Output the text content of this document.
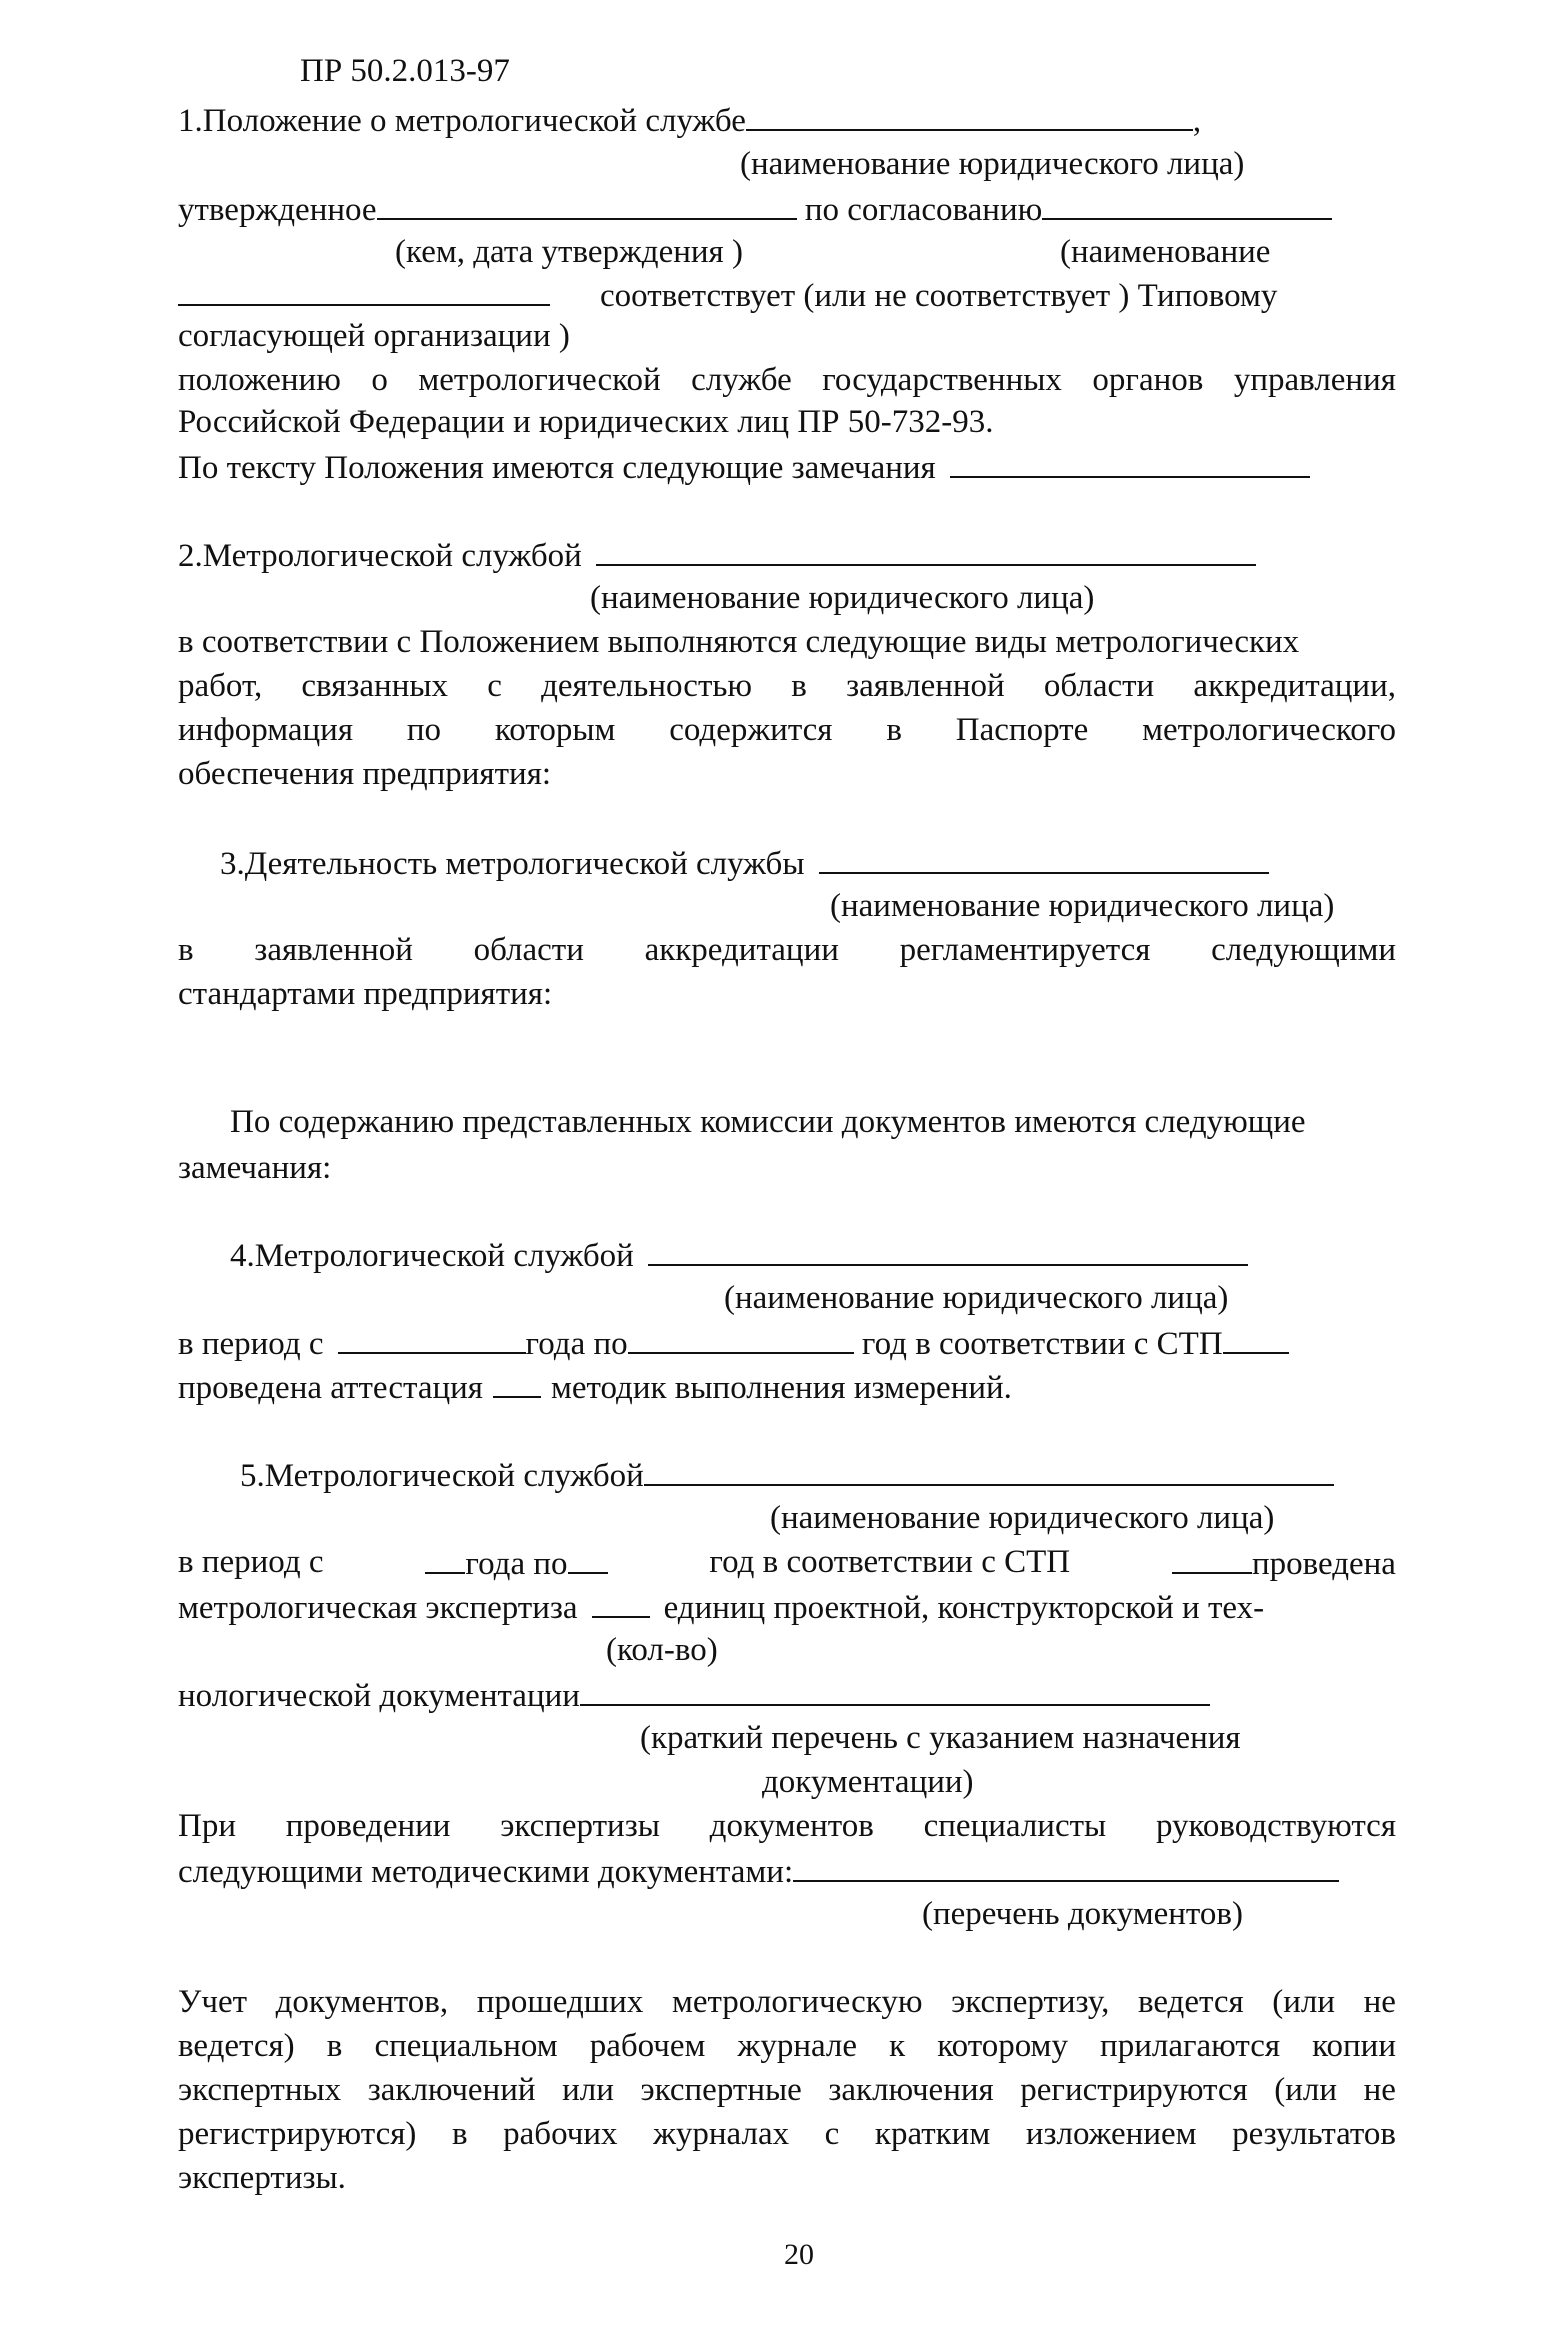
ПР 50.2.013-97
1.Положение о метрологической службе	,
(наименование юридического лица)
утвержденное	по согласованию
(кем, дата утверждения )	(наименование
соответствует (или не соответствует ) Типовому
согласующей организации )
положению о метрологической службе государственных органов управления
Российской Федерации и юридических лиц ПР 50-732-93.
По тексту Положения имеются следующие замечания
2.Метрологической службой
(наименование юридического лица)
в соответствии с Положением выполняются следующие виды метрологических
работ, связанных с деятельностью в заявленной области аккредитации,
информация по которым содержится в Паспорте метрологического
обеспечения предприятия:
3.Деятельность метрологической службы
(наименование юридического лица)
в заявленной области аккредитации регламентируется следующими
стандартами предприятия:
По содержанию представленных комиссии документов имеются следующие
замечания:
4.Метрологической службой
(наименование юридического лица)
в период с	года по	год в соответствии с СТП
проведена аттестация методик выполнения измерений.
5.Метрологической службой
(наименование юридического лица)
в период с	года по	год в соответствии с СТП	проведена
метрологическая экспертиза	единиц проектной, конструкторской и тех-
(кол-во)
нологической документации
(краткий перечень с указанием назначения
документации)
При проведении экспертизы документов специалисты руководствуются
следующими методическими документами:
(перечень документов)
Учет документов, прошедших метрологическую экспертизу, ведется (или не
ведется) в специальном рабочем журнале к которому прилагаются копии
экспертных заключений или экспертные заключения регистрируются (или не
регистрируются) в рабочих журналах с кратким изложением результатов
экспертизы.
20
